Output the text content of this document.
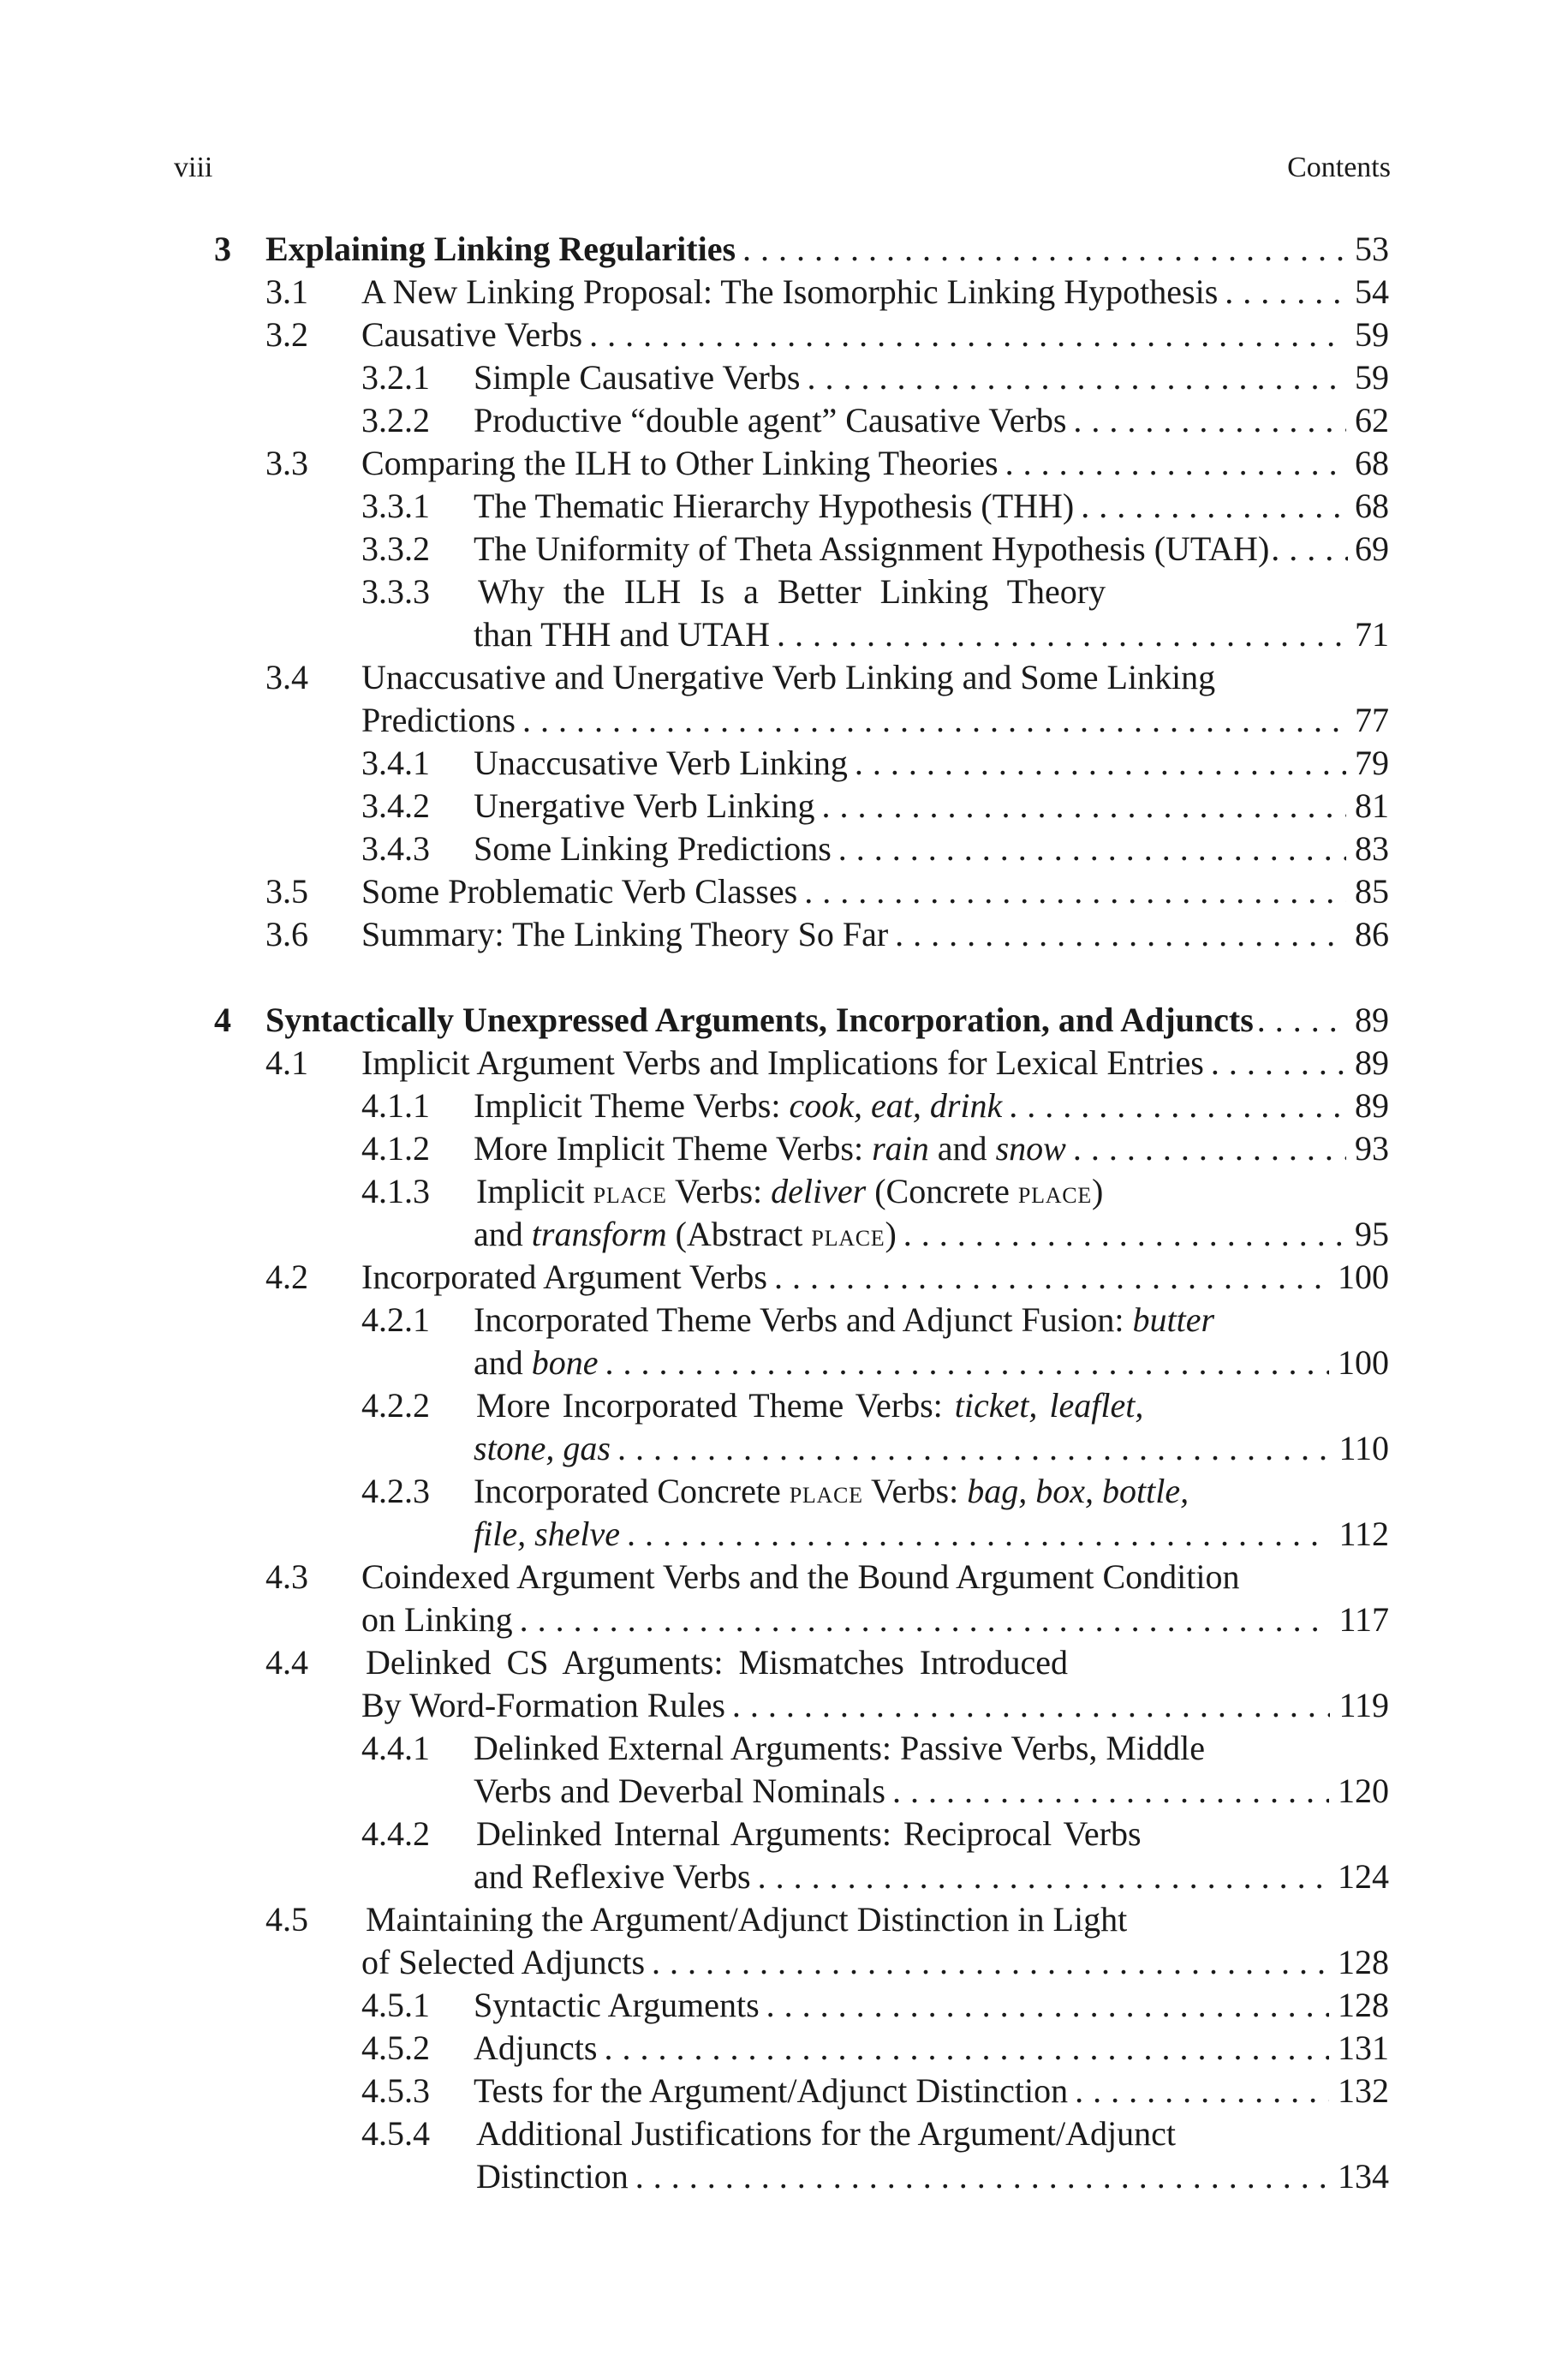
viii	Contents
3 Explaining Linking Regularities . . .	53
3.1 A New Linking Proposal: The Isomorphic Linking Hypothesis . . .	54
3.2 Causative Verbs . . .	59
3.2.1 Simple Causative Verbs . . .	59
3.2.2 Productive “double agent” Causative Verbs . . .	62
3.3 Comparing the ILH to Other Linking Theories . . .	68
3.3.1 The Thematic Hierarchy Hypothesis (THH) . . .	68
3.3.2 The Uniformity of Theta Assignment Hypothesis (UTAH) . . . 69
3.3.3 Why the ILH Is a Better Linking Theory
than THH and UTAH . . .	71
3.4 Unaccusative and Unergative Verb Linking and Some Linking
Predictions . . .	77
3.4.1 Unaccusative Verb Linking . . .	79
3.4.2 Unergative Verb Linking . . .	81
3.4.3 Some Linking Predictions . . .	83
3.5 Some Problematic Verb Classes . . .	85
3.6 Summary: The Linking Theory So Far . . .	86
4 Syntactically Unexpressed Arguments, Incorporation, and Adjuncts . . .	89
4.1 Implicit Argument Verbs and Implications for Lexical Entries . . .	89
4.1.1 Implicit Theme Verbs: cook, eat, drink . . .	89
4.1.2 More Implicit Theme Verbs: rain and snow . . .	93
4.1.3 Implicit place Verbs: deliver (Concrete place)
and transform (Abstract place) . . .	95
4.2 Incorporated Argument Verbs . . .	100
4.2.1 Incorporated Theme Verbs and Adjunct Fusion: butter
and bone . . .	100
4.2.2 More Incorporated Theme Verbs: ticket, leaflet,
stone, gas . . .	110
4.2.3 Incorporated Concrete place Verbs: bag, box, bottle,
file, shelve . . .	112
4.3 Coindexed Argument Verbs and the Bound Argument Condition
on Linking . . .	117
4.4 Delinked CS Arguments: Mismatches Introduced
By Word-Formation Rules . . .	119
4.4.1 Delinked External Arguments: Passive Verbs, Middle
Verbs and Deverbal Nominals . . .	120
4.4.2 Delinked Internal Arguments: Reciprocal Verbs
and Reflexive Verbs . . .	124
4.5 Maintaining the Argument/Adjunct Distinction in Light
of Selected Adjuncts . . .	128
4.5.1 Syntactic Arguments . . .	128
4.5.2 Adjuncts . . .	131
4.5.3 Tests for the Argument/Adjunct Distinction . . .	132
4.5.4 Additional Justifications for the Argument/Adjunct
Distinction . . .	134
